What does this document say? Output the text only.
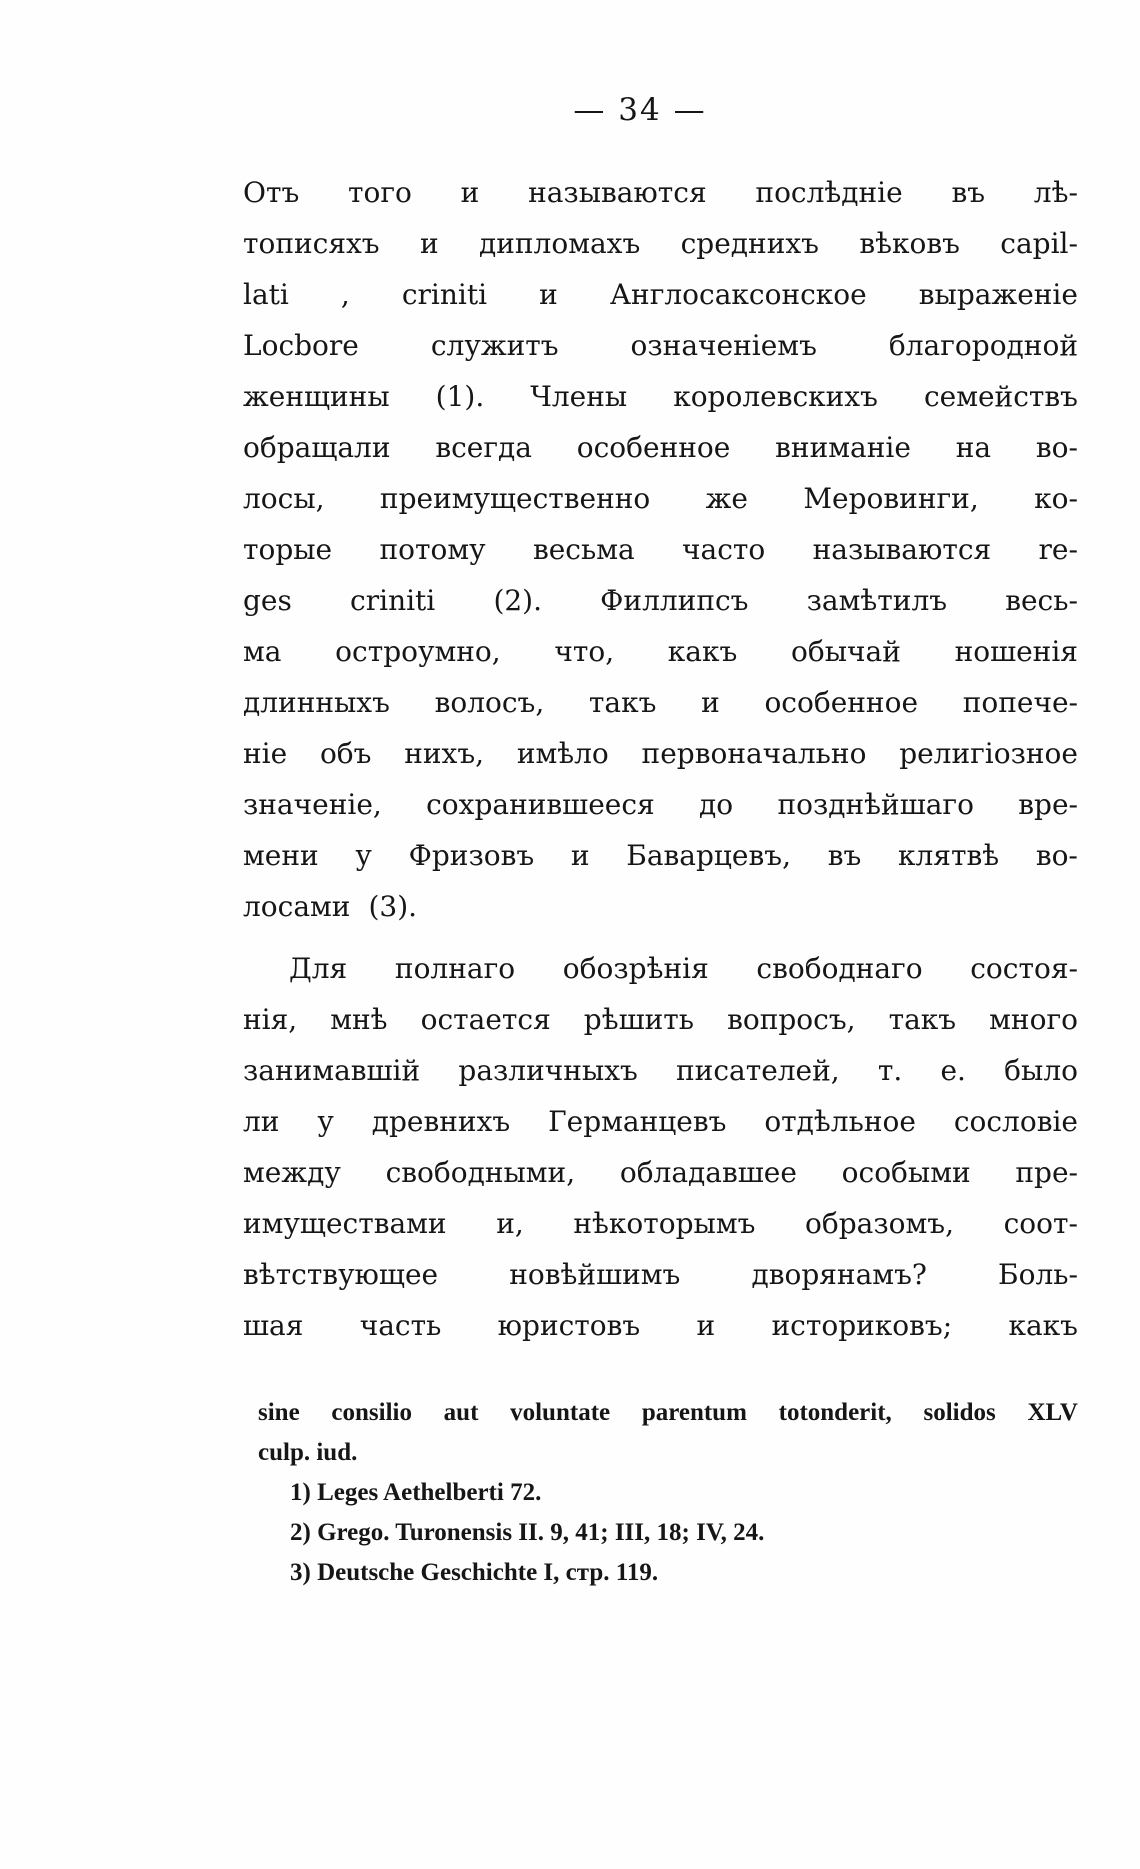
— 34 —
Отъ того и называются послѣдніе въ лѣ-
тописяхъ и дипломахъ среднихъ вѣковъ capil-
lati , criniti и Англосаксонское выраженіе
Locbore	служитъ	означеніемъ	благородной
женщины (1). Члены королевскихъ семействъ
обращали всегда особенное вниманіе на во-
лосы, преимущественно же Меровинги, ко-
торые потому весьма часто называются re-
ges criniti (2). Филлипсъ замѣтилъ весь-
ма остроумно, что, какъ обычай ношенія
длинныхъ волосъ, такъ и особенное попече-
ніе объ нихъ, имѣло первоначально религіозное
значеніе, сохранившееся до позднѣйшаго вре-
мени у Фризовъ и Баварцевъ, въ клятвѣ во-
лосами (3).
Для полнаго обозрѣнія свободнаго состоя-
нія, мнѣ остается рѣшить вопросъ, такъ много
занимавшій различныхъ писателей, т. е. было
ли у древнихъ Германцевъ отдѣльное сословіе
между свободными, обладавшее особыми пре-
имуществами и, нѣкоторымъ образомъ, соот-
вѣтствующее	новѣйшимъ	дворянамъ?	Боль-
шая часть юристовъ и историковъ; какъ
sine consilio aut voluntate parentum totonderit, solidos XLV
culp. iud.
1) Leges Aethelberti 72.
2) Grego. Turonensis II. 9, 41; III, 18; IV, 24.
3) Deutsche Geschichte I, стр. 119.
